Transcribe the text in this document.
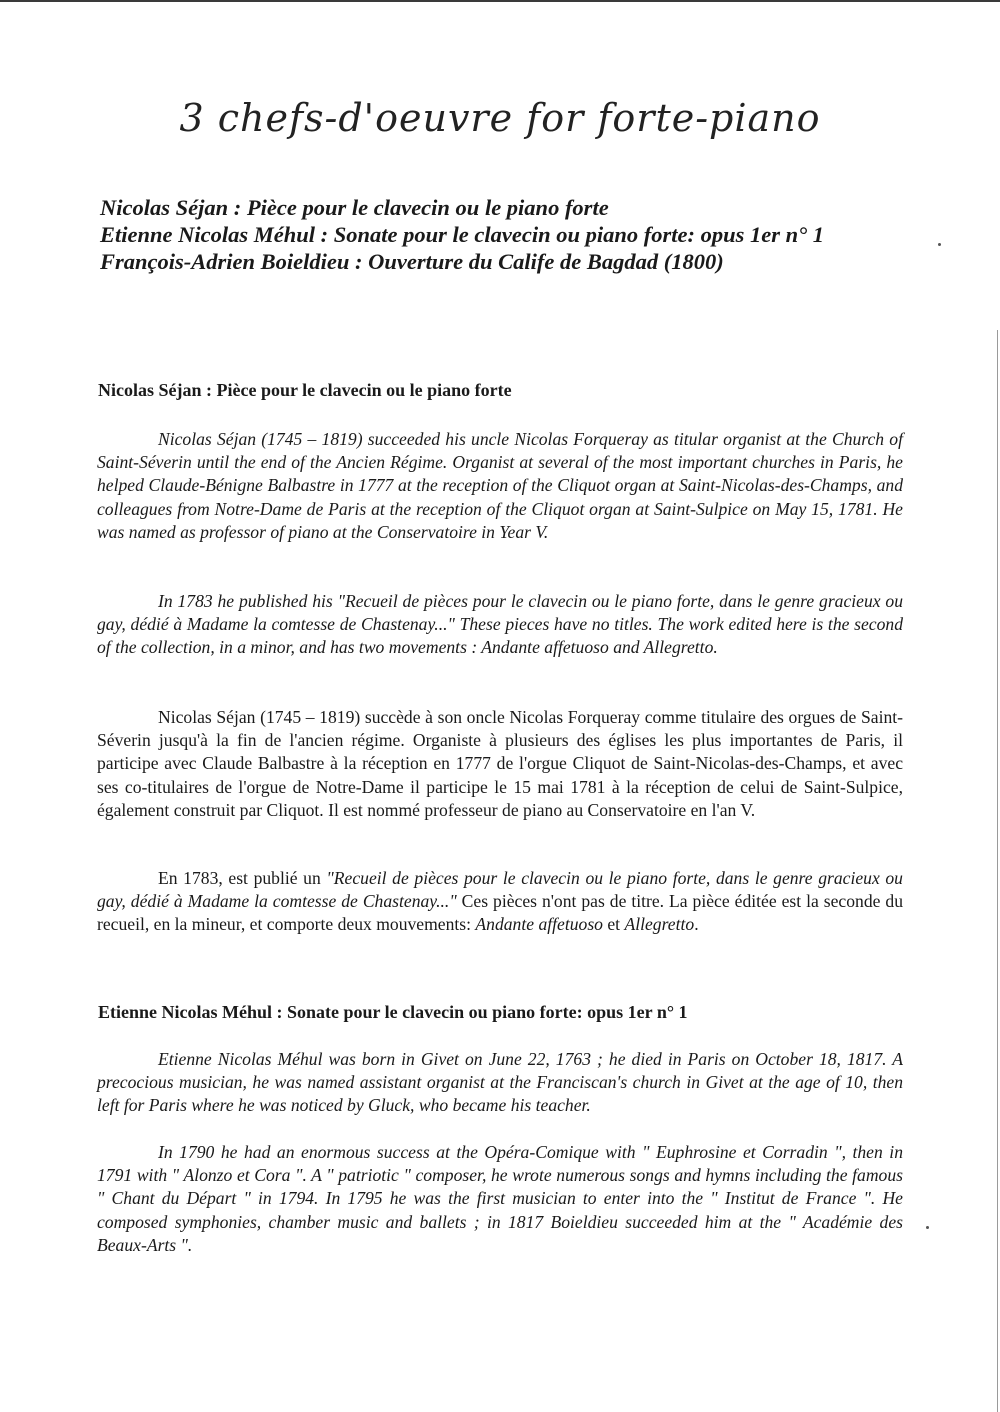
3 chefs-d'oeuvre for forte-piano
Nicolas Séjan : Pièce pour le clavecin ou le piano forte
Etienne Nicolas Méhul : Sonate pour le clavecin ou piano forte: opus 1er n° 1
François-Adrien Boieldieu : Ouverture du Calife de Bagdad (1800)
Nicolas Séjan : Pièce pour le clavecin ou le piano forte

Nicolas Séjan (1745 – 1819) succeeded his uncle Nicolas Forqueray as titular organist at the Church of Saint-Séverin until the end of the Ancien Régime. Organist at several of the most important churches in Paris, he helped Claude-Bénigne Balbastre in 1777 at the reception of the Cliquot organ at Saint-Nicolas-des-Champs, and colleagues from Notre-Dame de Paris at the reception of the Cliquot organ at Saint-Sulpice on May 15, 1781. He was named as professor of piano at the Conservatoire in Year V.

In 1783 he published his "Recueil de pièces pour le clavecin ou le piano forte, dans le genre gracieux ou gay, dédié à Madame la comtesse de Chastenay..." These pieces have no titles. The work edited here is the second of the collection, in a minor, and has two movements : Andante affetuoso and Allegretto.

Nicolas Séjan (1745 – 1819) succède à son oncle Nicolas Forqueray comme titulaire des orgues de Saint-Séverin jusqu'à la fin de l'ancien régime. Organiste à plusieurs des églises les plus importantes de Paris, il participe avec Claude Balbastre à la réception en 1777 de l'orgue Cliquot de Saint-Nicolas-des-Champs, et avec ses co-titulaires de l'orgue de Notre-Dame il participe le 15 mai 1781 à la réception de celui de Saint-Sulpice, également construit par Cliquot. Il est nommé professeur de piano au Conservatoire en l'an V.

En 1783, est publié un "Recueil de pièces pour le clavecin ou le piano forte, dans le genre gracieux ou gay, dédié à Madame la comtesse de Chastenay..." Ces pièces n'ont pas de titre. La pièce éditée est la seconde du recueil, en la mineur, et comporte deux mouvements: Andante affetuoso et Allegretto.

Etienne Nicolas Méhul : Sonate pour le clavecin ou piano forte: opus 1er n° 1

Etienne Nicolas Méhul was born in Givet on June 22, 1763 ; he died in Paris on October 18, 1817. A precocious musician, he was named assistant organist at the Franciscan's church in Givet at the age of 10, then left for Paris where he was noticed by Gluck, who became his teacher.

In 1790 he had an enormous success at the Opéra-Comique with " Euphrosine et Corradin ", then in 1791 with " Alonzo et Cora ". A " patriotic " composer, he wrote numerous songs and hymns including the famous " Chant du Départ " in 1794. In 1795 he was the first musician to enter into the " Institut de France ". He composed symphonies, chamber music and ballets ; in 1817 Boieldieu succeeded him at the " Académie des Beaux-Arts ".
